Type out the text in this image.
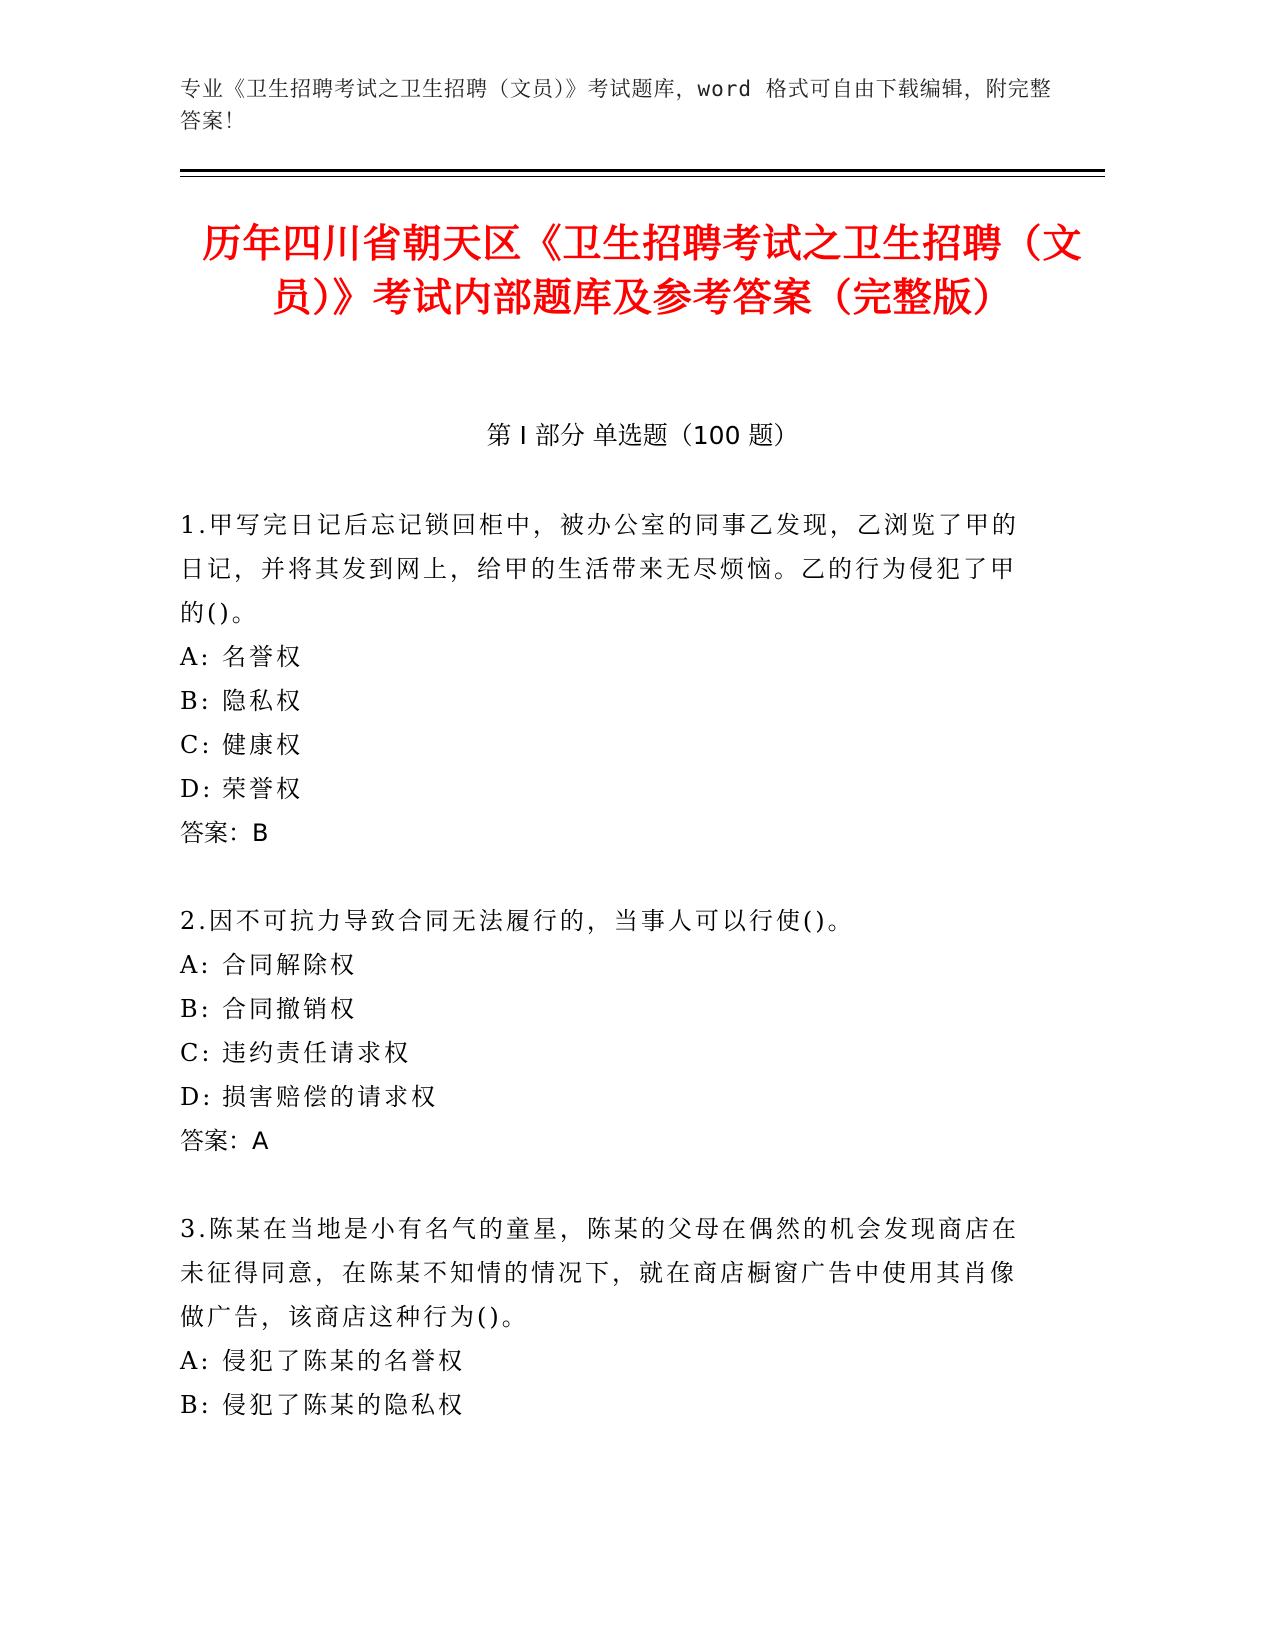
专业《卫生招聘考试之卫生招聘（文员）》考试题库，word 格式可自由下载编辑，附完整答案！
历年四川省朝天区《卫生招聘考试之卫生招聘（文员）》考试内部题库及参考答案（完整版）
第 I 部分 单选题（100 题）

1.甲写完日记后忘记锁回柜中，被办公室的同事乙发现，乙浏览了甲的日记，并将其发到网上，给甲的生活带来无尽烦恼。乙的行为侵犯了甲的()。

A: 名誉权

B: 隐私权

C: 健康权

D: 荣誉权

答案：B

2.因不可抗力导致合同无法履行的，当事人可以行使()。

A: 合同解除权

B: 合同撤销权

C: 违约责任请求权

D: 损害赔偿的请求权

答案：A

3.陈某在当地是小有名气的童星，陈某的父母在偶然的机会发现商店在未征得同意，在陈某不知情的情况下，就在商店橱窗广告中使用其肖像做广告，该商店这种行为()。

A: 侵犯了陈某的名誉权

B: 侵犯了陈某的隐私权
